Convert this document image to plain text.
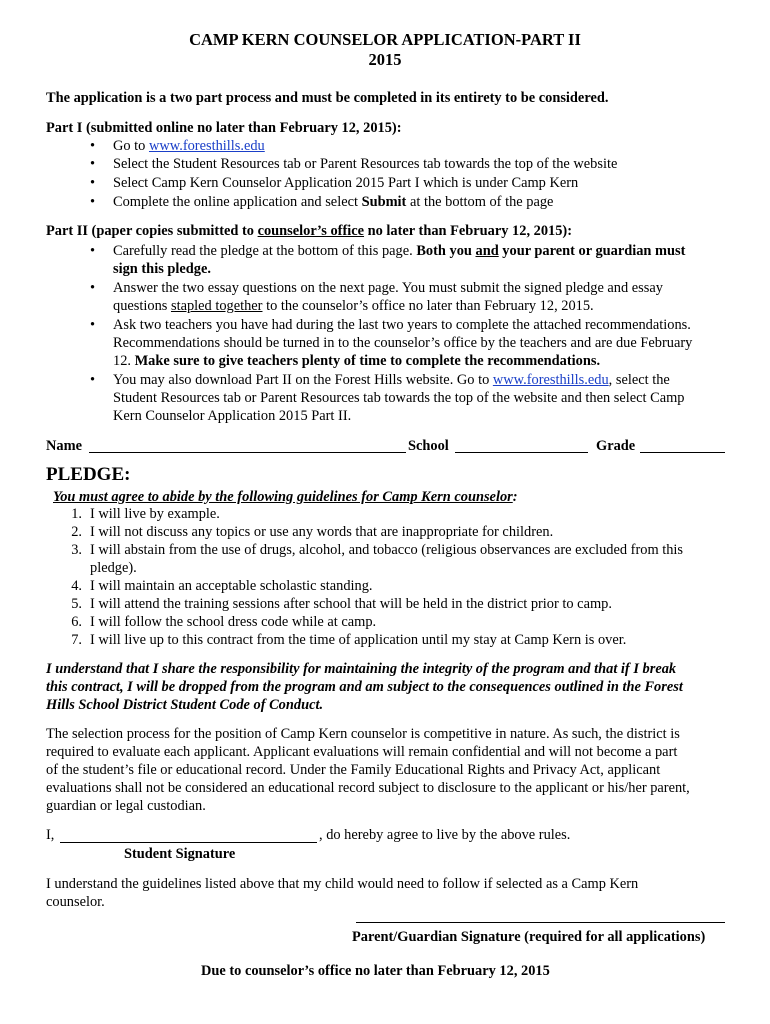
CAMP KERN COUNSELOR APPLICATION-PART II
2015
The application is a two part process and must be completed in its entirety to be considered.
Part I (submitted online no later than February 12, 2015):
• Go to www.foresthills.edu
• Select the Student Resources tab or Parent Resources tab towards the top of the website
• Select Camp Kern Counselor Application 2015 Part I which is under Camp Kern
• Complete the online application and select Submit at the bottom of the page
Part II (paper copies submitted to counselor’s office no later than February 12, 2015):
• Carefully read the pledge at the bottom of this page. Both you and your parent or guardian must
sign this pledge.
• Answer the two essay questions on the next page. You must submit the signed pledge and essay
questions stapled together to the counselor’s office no later than February 12, 2015.
• Ask two teachers you have had during the last two years to complete the attached recommendations.
Recommendations should be turned in to the counselor’s office by the teachers and are due February
12. Make sure to give teachers plenty of time to complete the recommendations.
• You may also download Part II on the Forest Hills website. Go to www.foresthills.edu, select the
Student Resources tab or Parent Resources tab towards the top of the website and then select Camp
Kern Counselor Application 2015 Part II.
Name	School	Grade
PLEDGE:
You must agree to abide by the following guidelines for Camp Kern counselor:
1. I will live by example.
2. I will not discuss any topics or use any words that are inappropriate for children.
3. I will abstain from the use of drugs, alcohol, and tobacco (religious observances are excluded from this
pledge).
4. I will maintain an acceptable scholastic standing.
5. I will attend the training sessions after school that will be held in the district prior to camp.
6. I will follow the school dress code while at camp.
7. I will live up to this contract from the time of application until my stay at Camp Kern is over.
I understand that I share the responsibility for maintaining the integrity of the program and that if I break
this contract, I will be dropped from the program and am subject to the consequences outlined in the Forest
Hills School District Student Code of Conduct.
The selection process for the position of Camp Kern counselor is competitive in nature. As such, the district is
required to evaluate each applicant. Applicant evaluations will remain confidential and will not become a part
of the student’s file or educational record. Under the Family Educational Rights and Privacy Act, applicant
evaluations shall not be considered an educational record subject to disclosure to the applicant or his/her parent,
guardian or legal custodian.
I,	, do hereby agree to live by the above rules.
Student Signature
I understand the guidelines listed above that my child would need to follow if selected as a Camp Kern
counselor.
Parent/Guardian Signature (required for all applications)
Due to counselor’s office no later than February 12, 2015
